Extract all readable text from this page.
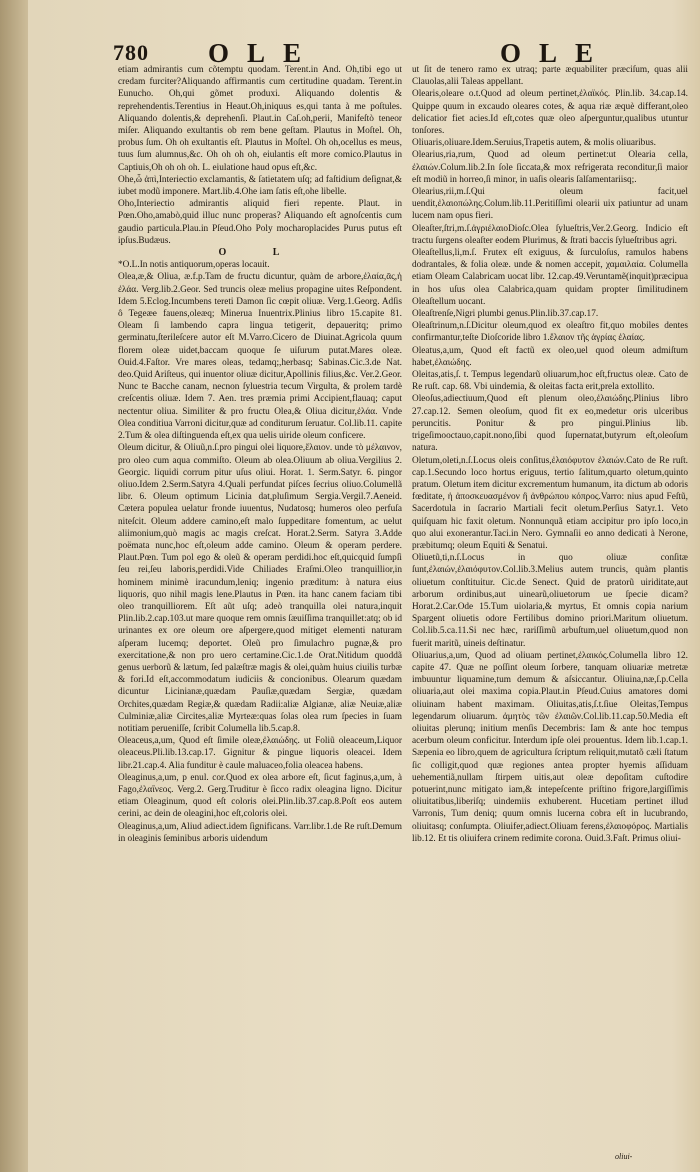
780 OLE	OLE

etiam admirantis cum cõtemptu quodam. Terent.in And. Oh,tibi ego ut credam furciter?Aliquando affirmantis cum certitudine quadam. Terent.in Eunucho. Oh,qui gõmet produxi. Aliquando dolentis & reprehendentis.Terentius in Heaut.Oh,iniquus es,qui tanta à me poſtules. Aliquando dolentis,& deprehenſi. Plaut.in Caſ.oh,perii, Manifeſtò teneor miſer. Aliquando exultantis ob rem bene geſtam. Plautus in Moſtel. Oh, probus ſum. Oh oh exultantis eſt. Plautus in Moſtel. Oh oh,ocellus es meus, tuus ſum alumnus,&c. Oh oh oh oh, eiulantis eſt more comico.Plautus in Captiuis,Oh oh oh oh. L. eiulatione haud opus eſt,&c.

Ohe,ὦ ἀπὶ,Interiectio exclamantis, & ſatietatem uſq; ad faſtidium deſignat,& iubet modũ imponere. Mart.lib.4.Ohe iam ſatis eſt,ohe libelle.

Oho,Interiectio admirantis aliquid fieri repente. Plaut. in Pœn.Oho,amabò,quid illuc nunc properas? Aliquando eſt agnoſcentis cum gaudio particula.Plau.in Pſeud.Oho Poly mocharoplacides Purus putus eſt ipſus.Budæus.

O L

*O.L.In notis antiquorum,operas locauit.

Olea,æ,& Oliua, æ.f.p.Tam de fructu dicuntur, quàm de arbore,ἐλαία,ᾱς,ἡ ἐλάα. Verg.lib.2.Geor. Sed truncis oleæ melius propagine uites Reſpondent. Idem 5.Eclog.Incumbens tereti Damon ſic cœpit oliuæ. Verg.1.Georg. Adſis ô Tegeæe fauens,oleæq; Minerua Inuentrix.Plinius libro 15.capite 81. Oleam ſi lambendo capra lingua tetigerit, depaueritq; primo germinatu,ſterileſcere autor eſt M.Varro.Cicero de Diuinat.Agricola quum florem oleæ uidet,baccam quoque ſe uiſurum putat.Mares oleæ. Ouid.4.Faſtor. Vre mares oleas, tedamq;,herbasq; Sabinas.Cic.3.de Nat. deo.Quid Ariſteus, qui inuentor oliuæ dicitur,Apollinis filius,&c. Ver.2.Geor. Nunc te Bacche canam, necnon ſyluestria tecum Virgulta, & prolem tardè creſcentis oliuæ. Idem 7. Aen. tres præmia primi Accipient,flauaq; caput nectentur oliua. Similiter & pro fructu Olea,& Oliua dicitur,ἐλάα. Vnde Olea conditiua Varroni dicitur,quæ ad conditurum ſeruatur. Col.lib.11. capite 2.Tum & olea diſtinguenda eſt,ex qua uelis uiride oleum conficere.

Oleum dicitur, & Oliuũ,n.ſ.pro pingui olei liquore,ἔλαιον. unde τὸ μέλαινον, pro oleo cum aqua commiſto. Oleum ab olea.Oliuum ab oliua.Vergilius 2. Georgic. liquidi corrum pitur uſus oliui. Horat. 1. Serm.Satyr. 6. pingor oliuo.Idem 2.Serm.Satyra 4.Quali perfundat piſces ſecrius oliuo.Columellã libr. 6. Oleum optimum Licinia dat,pluſimum Sergia.Vergil.7.Aeneid. Cætera populea uelatur fronde iuuentus, Nudatosq; humeros oleo perfuſa niteſcit. Oleum addere camino,eſt malo ſuppeditare fomentum, ac uelut aliimonium,quò magis ac magis creſcat. Horat.2.Serm. Satyra 3.Adde poëmata nunc,hoc eſt,oleum adde camino. Oleum & operam perdere. Plaut.Pœn. Tum pol ego & oleũ & operam perdidi.hoc eſt,quicquid ſumpſi ſeu rei,ſeu laboris,perdidi.Vide Chiliades Eraſmi.Oleo tranquillior,in hominem minimè iracundum,leniq; ingenio præditum: à natura eius liquoris, quo nihil magis lene.Plautus in Pœn. ita hanc canem faciam tibi oleo tranquilliorem. Eſt aũt uſq; adeò tranquilla olei natura,inquit Plin.lib.2.cap.103.ut mare quoque rem omnis ſæuiſſima tranquillet:atq; ob id urinantes ex ore oleum ore aſpergere,quod mitiget elementi naturam aſperam lucemq; deportet. Oleũ pro ſimulachro pugnæ,& pro exercitatione,& non pro uero certamine.Cic.1.de Orat.Nitidum quoddã genus uerborũ & lætum, ſed palæſtræ magis & olei,quàm huius ciuilis turbæ & fori.Id eſt,accommodatum iudiciis & concionibus. Olearum quædam dicuntur Licinianæ,quædam Pauſiæ,quædam Sergiæ, quædam Orchites,quædam Regiæ,& quædam Radii:aliæ Algianæ, aliæ Neuiæ,aliæ Culminiæ,aliæ Circites,aliæ Myrteæ:quas ſolas olea rum ſpecies in ſuam notitiam perueniſſe, ſcribit Columella lib.5.cap.8.

Oleaceus,a,um, Quod eſt ſimile oleæ,ἐλαιώδης. ut Foliũ oleaceum,Liquor oleaceus.Pli.lib.13.cap.17. Gignitur & pingue liquoris oleacei. Idem libr.21.cap.4. Alia funditur è caule maluaceo,folia oleacea habens.

Oleaginus,a,um, p enul. cor.Quod ex olea arbore eſt, ſicut faginus,a,um, à Fago,ἐλαΐνεος. Verg.2. Gerg.Truditur è ſicco radix oleagina ligno. Dicitur etiam Oleaginum, quod eſt coloris olei.Plin.lib.37.cap.8.Poſt eos autem cerini, ac dein de oleagini,hoc eſt,coloris olei.

Oleaginus,a,um, Aliud adiect.idem ſignificans. Varr.libr.1.de Re ruſt.Demum in oleaginis ſeminibus arboris uidendum

ut ſit de tenero ramo ex utraq; parte æquabiliter præciſum, quas alii Clauolas,alii Taleas appellant.

Olearis,oleare o.t.Quod ad oleum pertinet,ἐλαϊκός. Plin.lib. 34.cap.14. Quippe quum in excaudo oleares cotes, & aqua riæ æquè differant,oleo delicatior fiet acies.Id eſt,cotes quæ oleo aſperguntur,qualibus utuntur tonſores.

Oliuaris,oliuare.Idem.Seruius,Trapetis autem, & molis oliuaribus.

Olearius,ria,rum, Quod ad oleum pertinet:ut Olearia cella, ἐλαιών.Colum.lib.2.In ſole ſiccata,& mox refrigerata reconditur,ſi maior eſt modiũ in horreo,ſi minor, in uaſis olearis ſalſamentariisq;.

Olearius,rii,m.ſ.Qui oleum facit,uel uendit,ἐλαιοπώλης.Colum.lib.11.Peritiſſimi olearii uix patiuntur ad unam lucem nam opus fieri.

Oleaſter,ſtri,m.ſ.ἀγριέλαιοDioſc.Olea ſylueſtris,Ver.2.Georg. Indicio eſt tractu ſurgens oleaſter eodem Plurimus, & ſtrati baccis ſylueſtribus agri.

Oleaſtellus,li,m.ſ. Frutex eſt exiguus, & ſurculoſus, ramulos habens dodrantales, & folia oleæ. unde & nomen accepit, χαμαιλαία. Columella etiam Oleam Calabricam uocat libr. 12.cap.49.Veruntamẽ(inquit)præcipua in hos uſus olea Calabrica,quam quidam propter ſimilitudinem Oleaſtellum uocant.

Oleaſtrenſe,Nigri plumbi genus.Plin.lib.37.cap.17.

Oleaſtrinum,n.ſ.Dicitur oleum,quod ex oleaſtro fit,quo mobiles dentes confirmantur,teſte Dioſcoride libro 1.ἔλαιον τῆς ἀγρίας ἐλαίας.

Oleatus,a,um, Quod eſt factũ ex oleo,uel quod oleum admiſtum habet,ἐλαιώδης.

Oleitas,atis,ſ. t. Tempus legendarũ oliuarum,hoc eſt,fructus oleæ. Cato de Re ruſt. cap. 68. Vbi uindemia, & oleitas facta erit,prela extollito.

Oleoſus,adiectiuum,Quod eſt plenum oleo,ἐλαιώδης.Plinius libro 27.cap.12. Semen oleoſum, quod fit ex eo,medetur oris ulceribus peruncitis. Ponitur & pro pingui.Plinius lib. trigeſimooctauo,capit.nono,ſibi quod ſupernatat,butyrum eſt,oleoſum natura.

Oletum,oleti,n.ſ.Locus oleis conſitus,ἐλαιόφυτον ἐλαιών.Cato de Re ruſt. cap.1.Secundo loco hortus eriguus, tertio ſalitum,quarto oletum,quinto pratum. Oletum item dicitur excrementum humanum, ita dictum ab odoris fœditate, ἡ ἀποσκευασμένον ἢ ἀνθρώπου κόπρος.Varro: nius apud Feſtũ, Sacerdotula in ſacrario Martiali fecit oletum.Perſius Satyr.1. Veto quiſquam hic faxit oletum. Nonnunquã etiam accipitur pro ipſo loco,in quo alui exonerantur.Taci.in Nero. Gymnaſii eo anno dedicati à Nerone, præbitumq; oleum Equiti & Senatui.

Oliuetũ,ti,n.ſ.Locus in quo oliuæ conſitæ ſunt,ἐλαιών,ἐλαιόφυτον.Col.lib.3.Melius autem truncis, quàm plantis oliuetum conſtituitur. Cic.de Senect. Quid de pratorũ uiriditate,aut arborum ordinibus,aut uinearũ,oliuetorum ue ſpecie dicam? Horat.2.Car.Ode 15.Tum uiolaria,& myrtus, Et omnis copia narium Spargent oliuetis odore Fertilibus domino priori.Maritum oliuetum. Col.lib.5.ca.11.Si nec hæc, rariſſimũ arbuſtum,uel oliuetum,quod non fuerit maritũ, uineis deſtinatur.

Oliuarius,a,um, Quod ad oliuam pertinet,ἐλαικός.Columella libro 12. capite 47. Quæ ne poſſint oleum ſorbere, tanquam oliuariæ metretæ imbuuntur liquamine,tum demum & aſsiccantur. Oliuina,næ,ſ.p.Cella oliuaria,aut olei maxima copia.Plaut.in Pſeud.Cuius amatores domi oliuinam habent maximam. Oliuitas,atis,ſ.t.ſiue Oleitas,Tempus legendarum oliuarum. ἀμητὸς τῶν ἐλαιῶν.Col.lib.11.cap.50.Media eſt oliuitas plerunq; initium menſis Decembris: Iam & ante hoc tempus acerbum oleum conficitur. Interdum ipſe olei prouentus. Idem lib.1.cap.1. Sæpenia eo libro,quem de agricultura ſcriptum reliquit,mutatõ cæli ſtatum ſic colligit,quod quæ regiones antea propter hyemis aſſiduam uehementiã,nullam ſtirpem uitis,aut oleæ depoſitam cuſtodire potuerint,nunc mitigato iam,& intepeſcente priſtino frigore,largiſſimis oliuitatibus,liberiſq; uindemiis exhuberent. Hucetiam pertinet illud Varronis, Tum deniq; quum omnis lucerna cobra eſt in lucubrando, oliuitasq; conſumpta. Oliuifer,adiect.Oliuam ferens,ἐλαιοφόρος. Martialis lib.12. Et tis oliuifera crinem redimite corona. Ouid.3.Faſt. Primus oliui-

oliui-
